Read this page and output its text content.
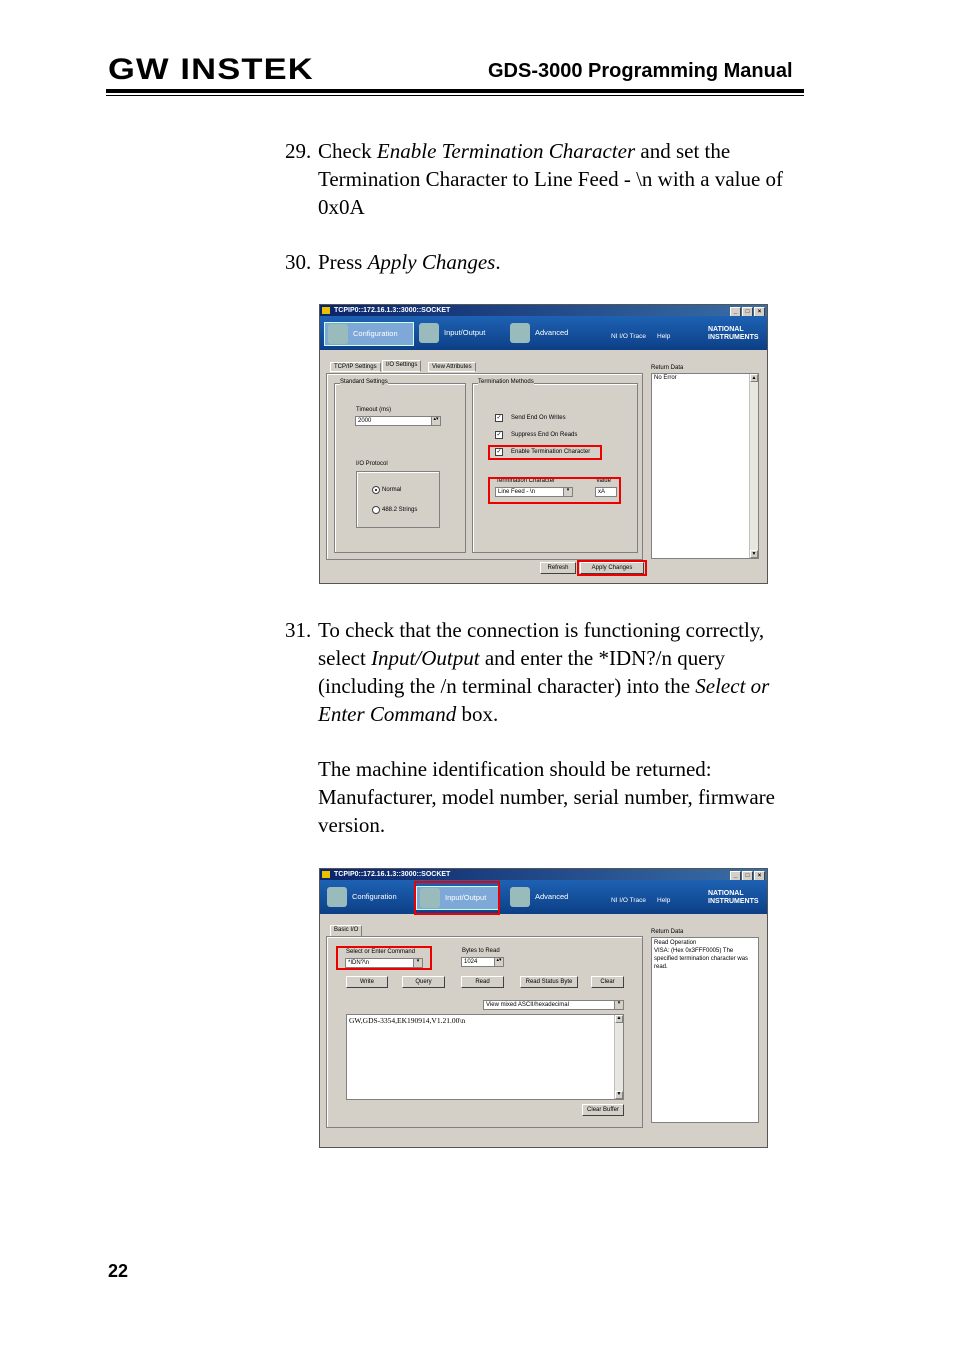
GW INSTEK	GDS-3000 Programming Manual
29. Check Enable Termination Character and set the Termination Character to Line Feed - \n with a value of 0x0A
30. Press Apply Changes.
TCPIP0::172.16.1.3::3000::SOCKET	_ □ ×
Configuration	Input/Output	Advanced	NI I/O Trace Help
NATIONAL
INSTRUMENTS
TCP/IP Settings	I/O Settings	View Attributes
Standard Settings
Timeout (ms)
2000	▴▾
I/O Protocol
Normal
488.2 Strings
Termination Methods
✓ Send End On Writes
✓ Suppress End On Reads
✓ Enable Termination Character
Termination Character
Line Feed - \n	▾
Value
xA
Return Data
No Error	▲
▼
Refresh	Apply Changes
31. To check that the connection is functioning correctly, select Input/Output and enter the *IDN?/n query (including the /n terminal character) into the Select or Enter Command box.
The machine identification should be returned: Manufacturer, model number, serial number, firmware version.
TCPIP0::172.16.1.3::3000::SOCKET	_ □ ×
Configuration	Input/Output	Advanced	NI I/O Trace Help
NATIONAL
INSTRUMENTS
Basic I/O
Select or Enter Command
*IDN?\n	▾
Bytes to Read
1024	▴▾
Write	Query	Read	Read Status Byte	Clear
View mixed ASCII/hexadecimal	▾
GW,GDS-3354,EK190914,V1.21.00\n	▲
▼
Clear Buffer
Return Data
Read Operation
VISA: (Hex 0x3FFF0005) The specified termination character was read.
22
